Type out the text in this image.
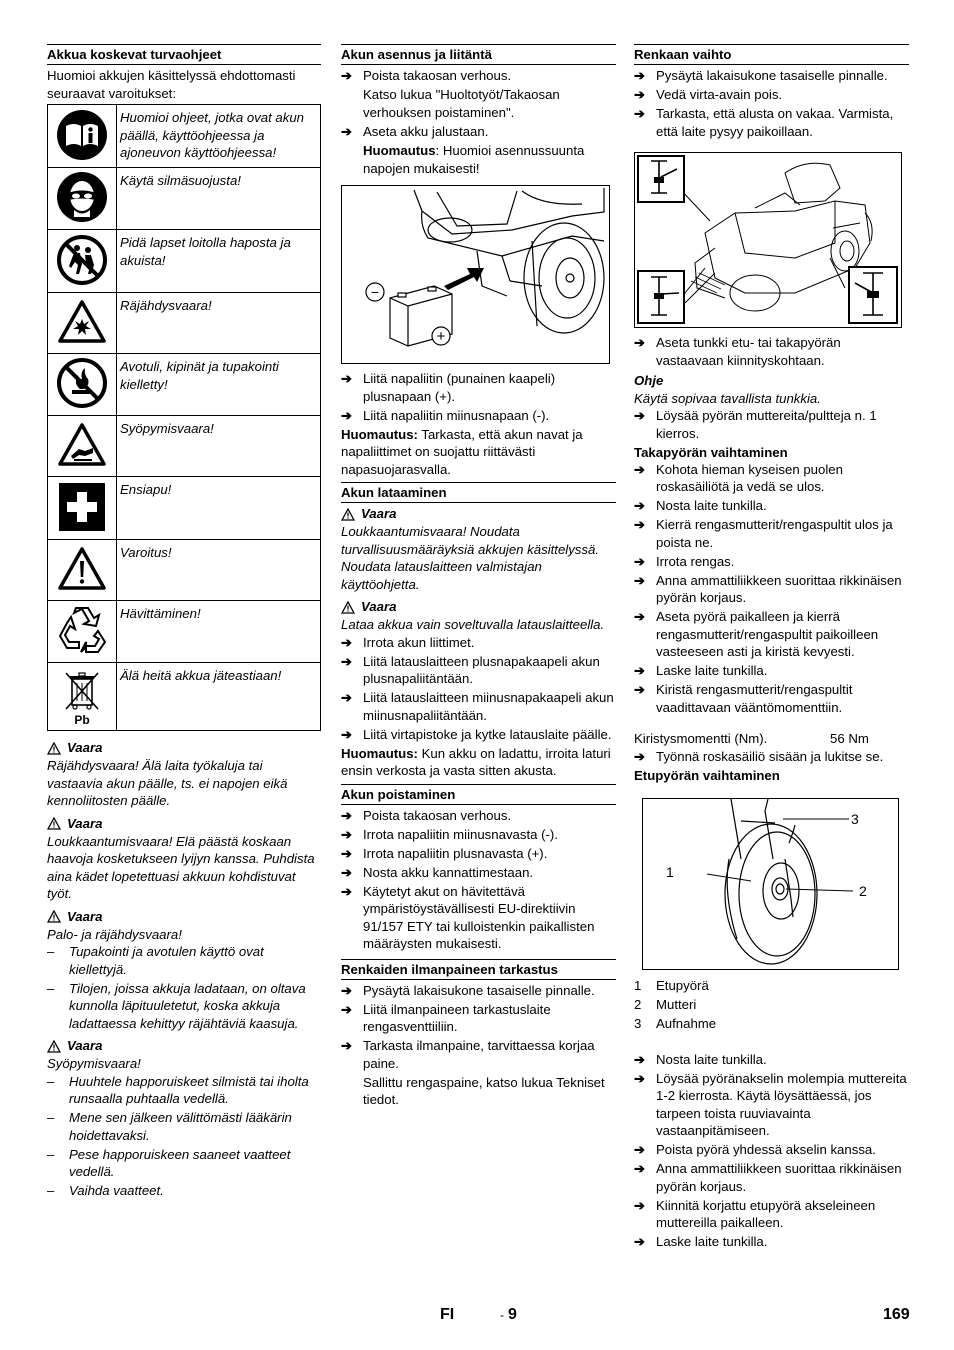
Akkua koskevat turvaohjeet

Huomioi akkujen käsittelyssä ehdottomasti seuraavat varoitukset:

	Huomioi ohjeet, jotka ovat akun päällä, käyttöohjeessa ja ajoneuvon käyttöohjeessa!
	Käytä silmäsuojusta!
	Pidä lapset loitolla haposta ja akuista!
	Räjähdysvaara!
	Avotuli, kipinät ja tupakointi kielletty!
	Syöpymisvaara!
	Ensiapu!
	Varoitus!
	Hävittäminen!

Pb	Älä heitä akkua jäteastiaan!
Vaara

Räjähdysvaara! Älä laita työkaluja tai vastaavia akun päälle, ts. ei napojen eikä kennoliitosten päälle.

Vaara

Loukkaantumisvaara! Elä päästä koskaan haavoja kosketukseen lyijyn kanssa. Puhdista aina kädet lopetettuasi akkuun kohdistuvat työt.

Vaara

Palo- ja räjähdysvaara!

–	Tupakointi ja avotulen käyttö ovat kiellettyjä.
–	Tilojen, joissa akkuja ladataan, on oltava kunnolla läpituuletetut, koska akkuja ladattaessa kehittyy räjähtäviä kaasuja.
Vaara

Syöpymisvaara!

–	Huuhtele happoruiskeet silmistä tai iholta runsaalla puhtaalla vedellä.
–	Mene sen jälkeen välittömästi lääkärin hoidettavaksi.
–	Pese happoruiskeen saaneet vaatteet vedellä.
–	Vaihda vaatteet.
Akun asennus ja liitäntä
➔ Poista takaosan verhous.
Katso lukua "Huoltotyöt/Takaosan verhouksen poistaminen".
➔ Aseta akku jalustaan.
Huomautus: Huomioi asennussuunta napojen mukaisesti!
−
+
➔ Liitä napaliitin (punainen kaapeli) plusnapaan (+).
➔ Liitä napaliitin miinusnapaan (-).

Huomautus: Tarkasta, että akun navat ja napaliittimet on suojattu riittävästi napasuojarasvalla.

Akun lataaminen
Vaara

Loukkaantumisvaara! Noudata turvallisuusmääräyksiä akkujen käsittelyssä. Noudata latauslaitteen valmistajan käyttöohjetta.

Vaara

Lataa akkua vain soveltuvalla latauslaitteella.

➔ Irrota akun liittimet.
➔ Liitä latauslaitteen plusnapakaapeli akun plusnapaliitäntään.
➔ Liitä latauslaitteen miinusnapakaapeli akun miinusnapaliitäntään.
➔ Liitä virtapistoke ja kytke latauslaite päälle.

Huomautus: Kun akku on ladattu, irroita laturi ensin verkosta ja vasta sitten akusta.

Akun poistaminen
➔ Poista takaosan verhous.
➔ Irrota napaliitin miinusnavasta (-).
➔ Irrota napaliitin plusnavasta (+).
➔ Nosta akku kannattimestaan.
➔ Käytetyt akut on hävitettävä ympäristöystävällisesti EU-direktiivin 91/157 ETY tai kulloistenkin paikallisten määräysten mukaisesti.
Renkaiden ilmanpaineen tarkastus
➔ Pysäytä lakaisukone tasaiselle pinnalle.
➔ Liitä ilmanpaineen tarkastuslaite rengasventtiiliin.
➔ Tarkasta ilmanpaine, tarvittaessa korjaa paine.
Sallittu rengaspaine, katso lukua Tekniset tiedot.
Renkaan vaihto
➔ Pysäytä lakaisukone tasaiselle pinnalle.
➔ Vedä virta-avain pois.
➔ Tarkasta, että alusta on vakaa. Varmista, että laite pysyy paikoillaan.
➔ Aseta tunkki etu- tai takapyörän vastaavaan kiinnityskohtaan.

Ohje

Käytä sopivaa tavallista tunkkia.

➔ Löysää pyörän muttereita/pultteja n. 1 kierros.
Takapyörän vaihtaminen
➔ Kohota hieman kyseisen puolen roskasäiliötä ja vedä se ulos.
➔ Nosta laite tunkilla.
➔ Kierrä rengasmutterit/rengaspultit ulos ja poista ne.
➔ Irrota rengas.
➔ Anna ammattiliikkeen suorittaa rikkinäisen pyörän korjaus.
➔ Aseta pyörä paikalleen ja kierrä rengasmutterit/rengaspultit paikoilleen vasteeseen asti ja kiristä kevyesti.
➔ Laske laite tunkilla.
➔ Kiristä rengasmutterit/rengaspultit vaadittavaan vääntömomenttiin.
Kiristysmomentti (Nm).	56 Nm
➔ Työnnä roskasäiliö sisään ja lukitse se.
Etupyörän vaihtaminen
1
2
3
1	Etupyörä
2	Mutteri
3	Aufnahme
➔ Nosta laite tunkilla.
➔ Löysää pyöränakselin molempia muttereita 1-2 kierrosta. Käytä löysättäessä, jos tarpeen toista ruuviavainta vastaanpitämiseen.
➔ Poista pyörä yhdessä akselin kanssa.
➔ Anna ammattiliikkeen suorittaa rikkinäisen pyörän korjaus.
➔ Kiinnitä korjattu etupyörä akseleineen muttereilla paikalleen.
➔ Laske laite tunkilla.
FI	- 9	169
